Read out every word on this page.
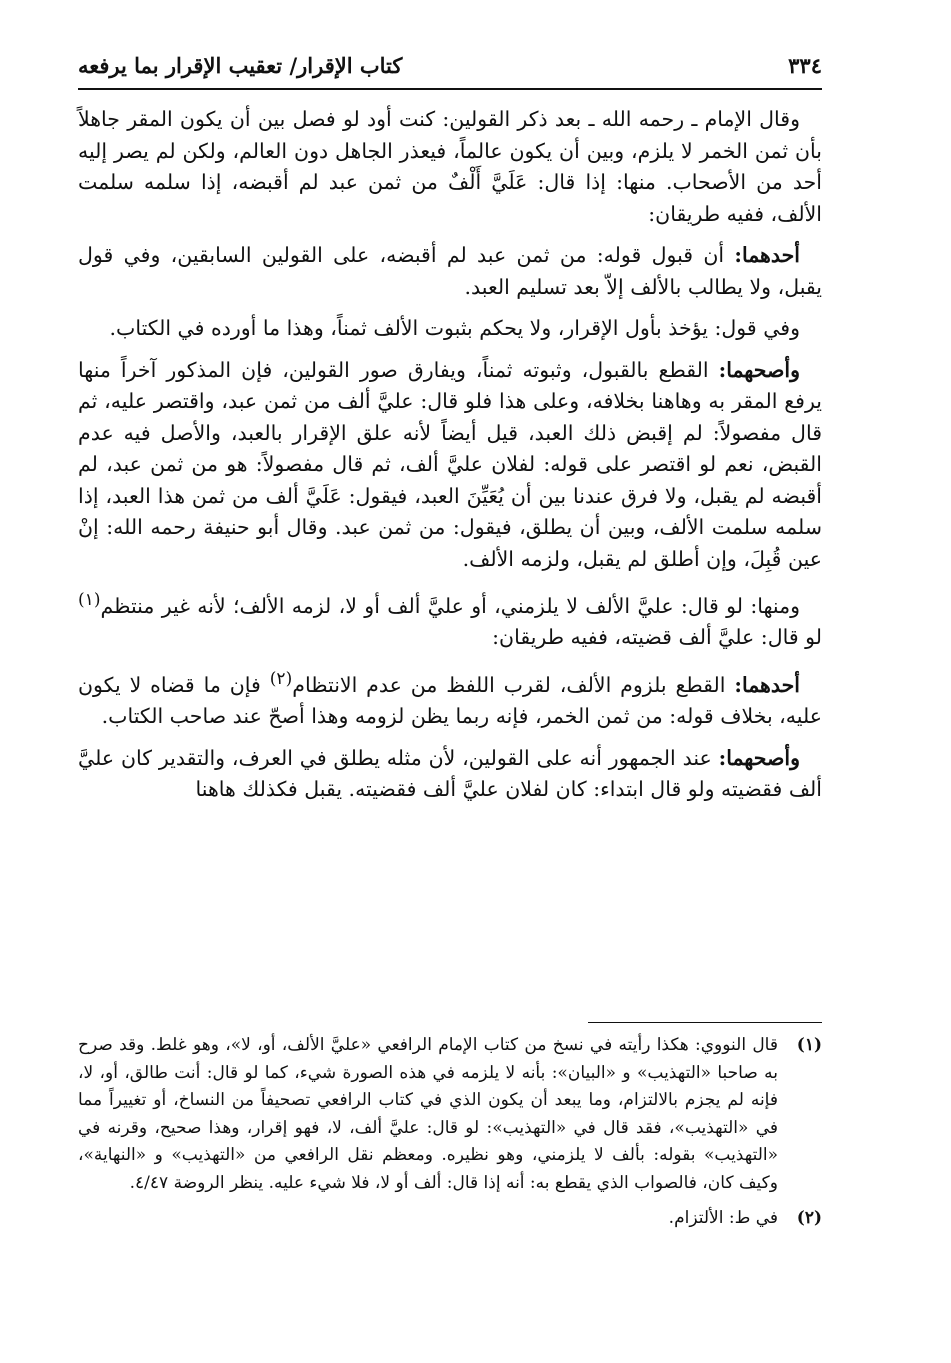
٣٣٤
كتاب الإقرار/ تعقيب الإقرار بما يرفعه

وقال الإمام ـ رحمه الله ـ بعد ذكر القولين: كنت أود لو فصل بين أن يكون المقر جاهلاً بأن ثمن الخمر لا يلزم، وبين أن يكون عالماً، فيعذر الجاهل دون العالم، ولكن لم يصر إليه أحد من الأصحاب. منها: إذا قال: عَلَيَّ أَلْفٌ من ثمن عبد لم أقبضه، إذا سلمه سلمت الألف، ففيه طريقان:

أحدهما: أن قبول قوله: من ثمن عبد لم أقبضه، على القولين السابقين، وفي قول يقبل، ولا يطالب بالألف إلاّ بعد تسليم العبد.

وفي قول: يؤخذ بأول الإقرار، ولا يحكم بثبوت الألف ثمناً، وهذا ما أورده في الكتاب.

وأصحهما: القطع بالقبول، وثبوته ثمناً، ويفارق صور القولين، فإن المذكور آخراً منها يرفع المقر به وهاهنا بخلافه، وعلى هذا فلو قال: عليَّ ألف من ثمن عبد، واقتصر عليه، ثم قال مفصولاً: لم إقبض ذلك العبد، قيل أيضاً لأنه علق الإقرار بالعبد، والأصل فيه عدم القبض، نعم لو اقتصر على قوله: لفلان عليَّ ألف، ثم قال مفصولاً: هو من ثمن عبد، لم أقبضه لم يقبل، ولا فرق عندنا بين أن يُعَيِّنَ العبد، فيقول: عَلَيَّ ألف من ثمن هذا العبد، إذا سلمه سلمت الألف، وبين أن يطلق، فيقول: من ثمن عبد. وقال أبو حنيفة رحمه الله: إنْ عين قُبِلَ، وإن أطلق لم يقبل، ولزمه الألف.

ومنها: لو قال: عليَّ الألف لا يلزمني، أو عليَّ ألف أو لا، لزمه الألف؛ لأنه غير منتظم$^{(١)}$ لو قال: عليَّ ألف قضيته، ففيه طريقان:

أحدهما: القطع بلزوم الألف، لقرب اللفظ من عدم الانتظام$^{(٢)}$ فإن ما قضاه لا يكون عليه، بخلاف قوله: من ثمن الخمر، فإنه ربما يظن لزومه وهذا أصحّ عند صاحب الكتاب.

وأصحهما: عند الجمهور أنه على القولين، لأن مثله يطلق في العرف، والتقدير كان عليَّ ألف فقضيته ولو قال ابتداء: كان لفلان عليَّ ألف فقضيته. يقبل فكذلك هاهنا

(١)
قال النووي: هكذا رأيته في نسخ من كتاب الإمام الرافعي «عليَّ الألف، أو، لا»، وهو غلط. وقد صرح به صاحبا «التهذيب» و «البيان»: بأنه لا يلزمه في هذه الصورة شيء، كما لو قال: أنت طالق، أو، لا، فإنه لم يجزم بالالتزام، وما يبعد أن يكون الذي في كتاب الرافعي تصحيفاً من النساخ، أو تغييراً مما في «التهذيب»، فقد قال في «التهذيب»: لو قال: عليَّ ألف، لا، فهو إقرار، وهذا صحيح، وقرنه في «التهذيب» بقوله: بألف لا يلزمني، وهو نظيره. ومعظم نقل الرافعي من «التهذيب» و «النهاية»، وكيف كان، فالصواب الذي يقطع به: أنه إذا قال: ألف أو لا، فلا شيء عليه. ينظر الروضة ٤/٤٧.
(٢)
في ط: الألتزام.
